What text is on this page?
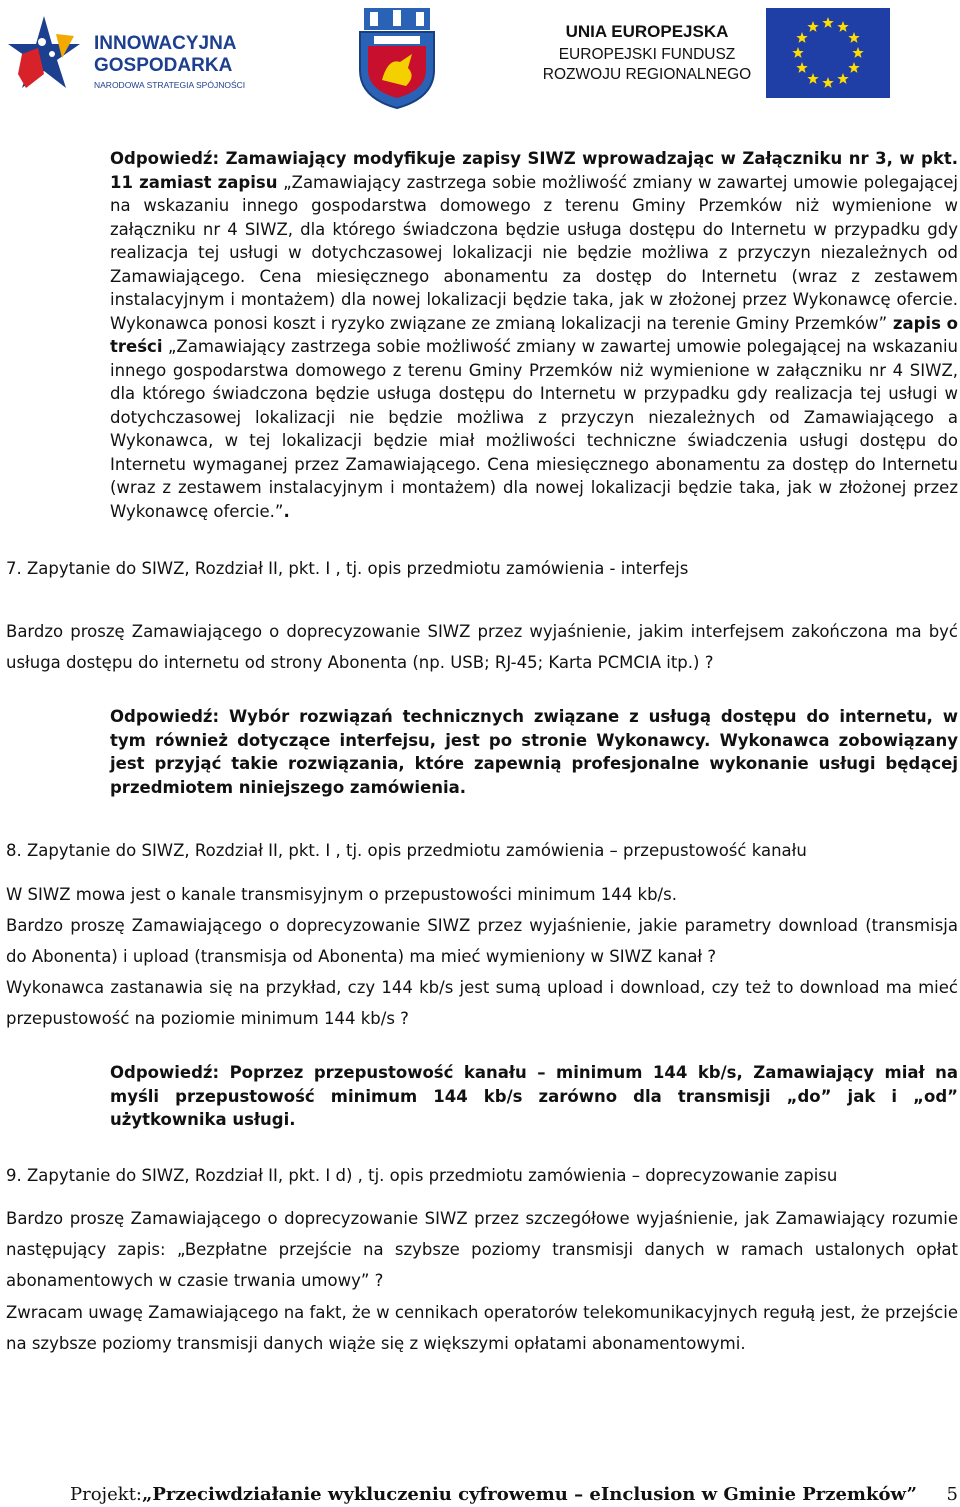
INNOWACYJNA
GOSPODARKA
NARODOWA STRATEGIA SPÓJNOŚCI
UNIA EUROPEJSKA
EUROPEJSKI FUNDUSZ
ROZWOJU REGIONALNEGO
Odpowiedź: Zamawiający modyfikuje zapisy SIWZ wprowadzając w Załączniku nr 3, w pkt. 11 zamiast zapisu „Zamawiający zastrzega sobie możliwość zmiany w zawartej umowie polegającej na wskazaniu innego gospodarstwa domowego z terenu Gminy Przemków niż wymienione w załączniku nr 4 SIWZ, dla którego świadczona będzie usługa dostępu do Internetu w przypadku gdy realizacja tej usługi w dotychczasowej lokalizacji nie będzie możliwa z przyczyn niezależnych od Zamawiającego. Cena miesięcznego abonamentu za dostęp do Internetu (wraz z zestawem instalacyjnym i montażem) dla nowej lokalizacji będzie taka, jak w złożonej przez Wykonawcę ofercie. Wykonawca ponosi koszt i ryzyko związane ze zmianą lokalizacji na terenie Gminy Przemków” zapis o treści „Zamawiający zastrzega sobie możliwość zmiany w zawartej umowie polegającej na wskazaniu innego gospodarstwa domowego z terenu Gminy Przemków niż wymienione w załączniku nr 4 SIWZ, dla którego świadczona będzie usługa dostępu do Internetu w przypadku gdy realizacja tej usługi w dotychczasowej lokalizacji nie będzie możliwa z przyczyn niezależnych od Zamawiającego a Wykonawca, w tej lokalizacji będzie miał możliwości techniczne świadczenia usługi dostępu do Internetu wymaganej przez Zamawiającego. Cena miesięcznego abonamentu za dostęp do Internetu (wraz z zestawem instalacyjnym i montażem) dla nowej lokalizacji będzie taka, jak w złożonej przez Wykonawcę ofercie.”.
7. Zapytanie do SIWZ, Rozdział II, pkt. I , tj. opis przedmiotu zamówienia - interfejs
Bardzo proszę Zamawiającego o doprecyzowanie SIWZ przez wyjaśnienie, jakim interfejsem zakończona ma być usługa dostępu do internetu od strony Abonenta (np. USB; RJ-45; Karta PCMCIA itp.) ?
Odpowiedź: Wybór rozwiązań technicznych związane z usługą dostępu do internetu, w tym również dotyczące interfejsu, jest po stronie Wykonawcy. Wykonawca zobowiązany jest przyjąć takie rozwiązania, które zapewnią profesjonalne wykonanie usługi będącej przedmiotem niniejszego zamówienia.
8. Zapytanie do SIWZ, Rozdział II, pkt. I , tj. opis przedmiotu zamówienia – przepustowość kanału
W SIWZ mowa jest o kanale transmisyjnym o przepustowości minimum 144 kb/s.
Bardzo proszę Zamawiającego o doprecyzowanie SIWZ przez wyjaśnienie, jakie parametry download (transmisja do Abonenta) i upload (transmisja od Abonenta) ma mieć wymieniony w SIWZ kanał ?
Wykonawca zastanawia się na przykład, czy 144 kb/s jest sumą upload i download, czy też to download ma mieć przepustowość na poziomie minimum 144 kb/s ?
Odpowiedź: Poprzez przepustowość kanału – minimum 144 kb/s, Zamawiający miał na myśli przepustowość minimum 144 kb/s zarówno dla transmisji „do” jak i „od” użytkownika usługi.
9. Zapytanie do SIWZ, Rozdział II, pkt. I d) , tj. opis przedmiotu zamówienia – doprecyzowanie zapisu
Bardzo proszę Zamawiającego o doprecyzowanie SIWZ przez szczegółowe wyjaśnienie, jak Zamawiający rozumie następujący zapis: „Bezpłatne przejście na szybsze poziomy transmisji danych w ramach ustalonych opłat abonamentowych w czasie trwania umowy” ?
Zwracam uwagę Zamawiającego na fakt, że w cennikach operatorów telekomunikacyjnych regułą jest, że przejście na szybsze poziomy transmisji danych wiąże się z większymi opłatami abonamentowymi.
Projekt:„Przeciwdziałanie wykluczeniu cyfrowemu – eInclusion w Gminie Przemków” 5
